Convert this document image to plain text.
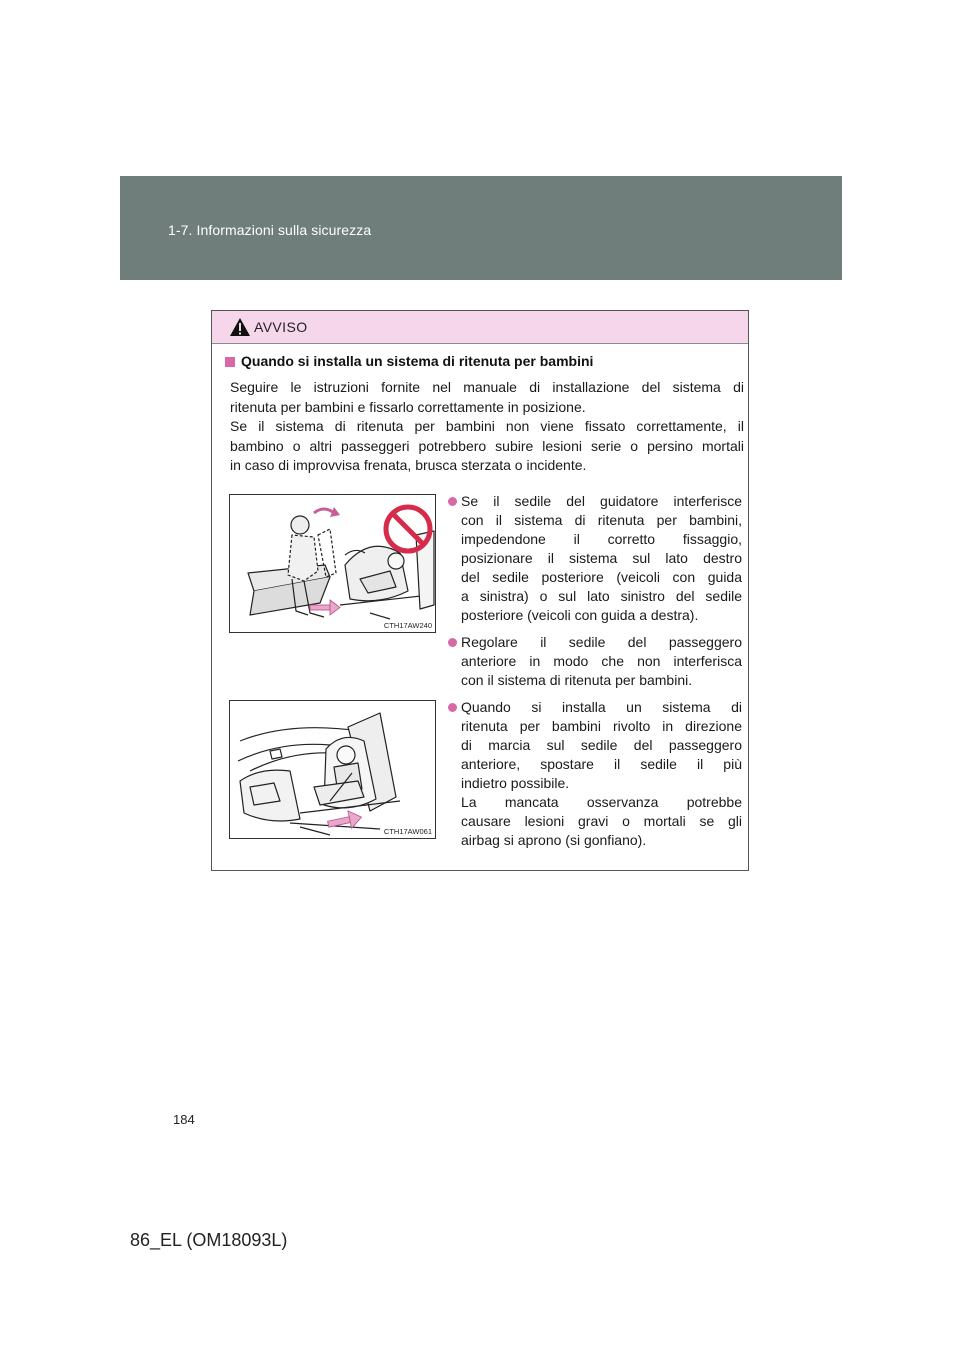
1-7. Informazioni sulla sicurezza
AVVISO
Quando si installa un sistema di ritenuta per bambini

Seguire le istruzioni fornite nel manuale di installazione del sistema di
ritenuta per bambini e fissarlo correttamente in posizione.
Se il sistema di ritenuta per bambini non viene fissato correttamente, il
bambino o altri passeggeri potrebbero subire lesioni serie o persino mortali
in caso di improvvisa frenata, brusca sterzata o incidente.

CTH17AW240
CTH17AW061
Se il sedile del guidatore interferisce
con il sistema di ritenuta per bambini,
impedendone il corretto fissaggio,
posizionare il sistema sul lato destro
del sedile posteriore (veicoli con guida
a sinistra) o sul lato sinistro del sedile
posteriore (veicoli con guida a destra).
Regolare il sedile del passeggero
anteriore in modo che non interferisca
con il sistema di ritenuta per bambini.
Quando si installa un sistema di
ritenuta per bambini rivolto in direzione
di marcia sul sedile del passeggero
anteriore, spostare il sedile il più
indietro possibile.
La mancata osservanza potrebbe
causare lesioni gravi o mortali se gli
airbag si aprono (si gonfiano).
184
86_EL (OM18093L)
